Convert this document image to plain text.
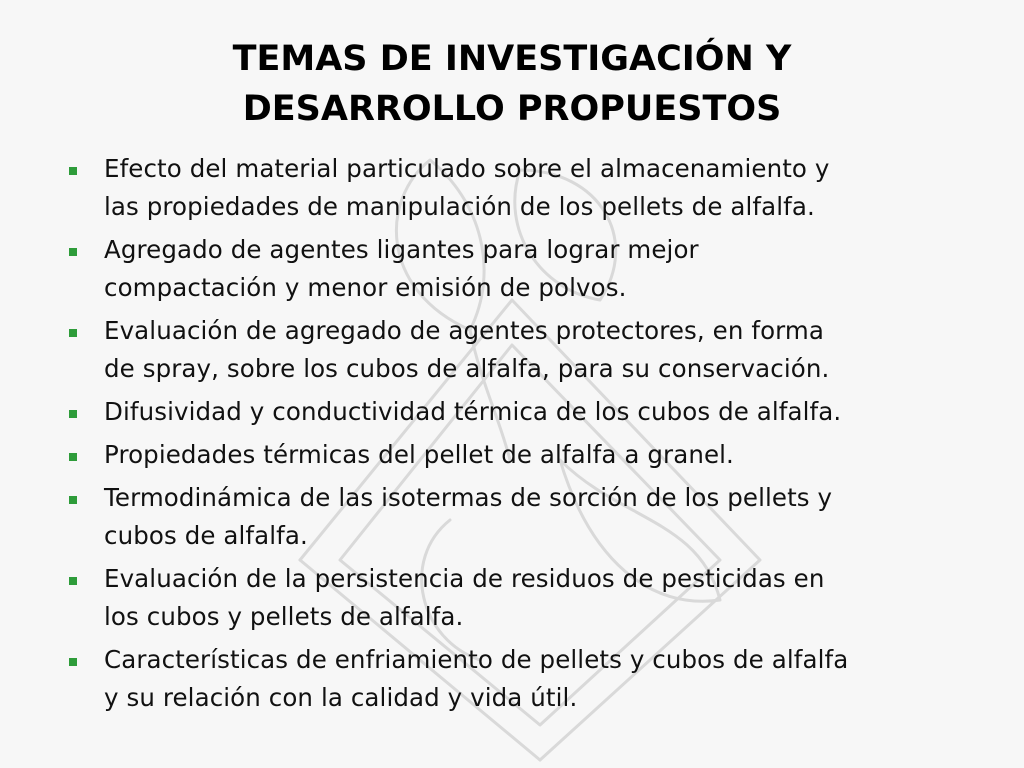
TEMAS DE INVESTIGACIÓN Y
DESARROLLO PROPUESTOS
Efecto del material particulado sobre el almacenamiento y
las propiedades de manipulación de los pellets de alfalfa.
Agregado de agentes ligantes para lograr mejor
compactación y menor emisión de polvos.
Evaluación de agregado de agentes protectores, en forma
de spray, sobre los cubos de alfalfa, para su conservación.
Difusividad y conductividad térmica de los cubos de alfalfa.
Propiedades térmicas del pellet de alfalfa a granel.
Termodinámica de las isotermas de sorción de los pellets y
cubos de alfalfa.
Evaluación de la persistencia de residuos de pesticidas en
los cubos y pellets de alfalfa.
Características de enfriamiento de pellets y cubos de alfalfa
y su relación con la calidad y vida útil.
